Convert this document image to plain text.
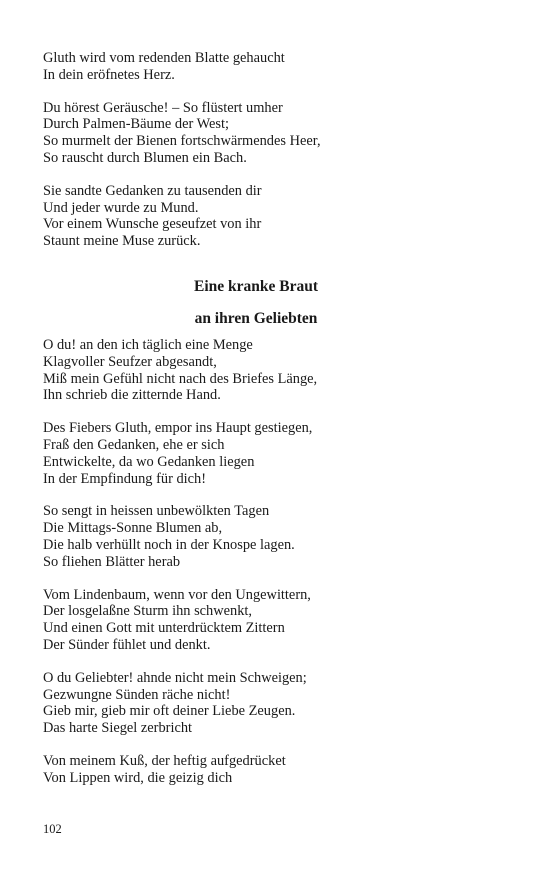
Gluth wird vom redenden Blatte gehaucht
In dein eröfnetes Herz.
Du hörest Geräusche! – So flüstert umher
Durch Palmen-Bäume der West;
So murmelt der Bienen fortschwärmendes Heer,
So rauscht durch Blumen ein Bach.
Sie sandte Gedanken zu tausenden dir
Und jeder wurde zu Mund.
Vor einem Wunsche geseufzet von ihr
Staunt meine Muse zurück.
Eine kranke Braut
an ihren Geliebten
O du! an den ich täglich eine Menge
Klagvoller Seufzer abgesandt,
Miß mein Gefühl nicht nach des Briefes Länge,
Ihn schrieb die zitternde Hand.
Des Fiebers Gluth, empor ins Haupt gestiegen,
Fraß den Gedanken, ehe er sich
Entwickelte, da wo Gedanken liegen
In der Empfindung für dich!
So sengt in heissen unbewölkten Tagen
Die Mittags-Sonne Blumen ab,
Die halb verhüllt noch in der Knospe lagen.
So fliehen Blätter herab
Vom Lindenbaum, wenn vor den Ungewittern,
Der losgelaßne Sturm ihn schwenkt,
Und einen Gott mit unterdrücktem Zittern
Der Sünder fühlet und denkt.
O du Geliebter! ahnde nicht mein Schweigen;
Gezwungne Sünden räche nicht!
Gieb mir, gieb mir oft deiner Liebe Zeugen.
Das harte Siegel zerbricht
Von meinem Kuß, der heftig aufgedrücket
Von Lippen wird, die geizig dich
102
